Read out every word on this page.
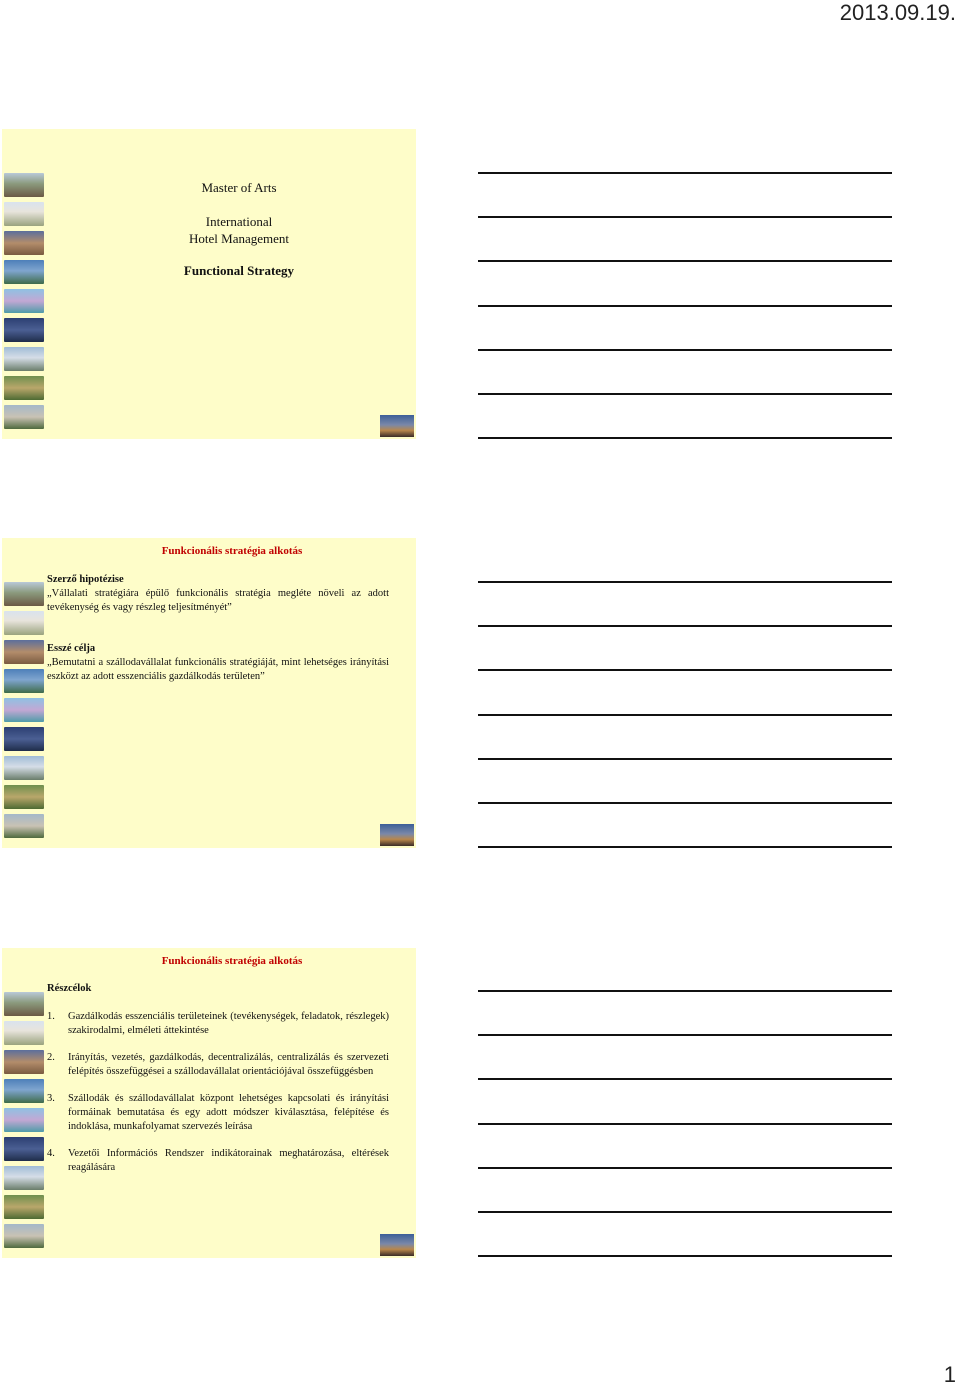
2013.09.19.
Master of Arts
International
Hotel Management
Functional Strategy
Funkcionális stratégia alkotás
Szerző hipotézise
„Vállalati stratégiára épülő funkcionális stratégia megléte növeli az adott tevékenység és vagy részleg teljesítményét”
Esszé célja
„Bemutatni a szállodavállalat funkcionális stratégiáját, mint lehetséges irányítási eszközt az adott esszenciális gazdálkodás területen”
Funkcionális stratégia alkotás
Részcélok
1. Gazdálkodás esszenciális területeinek (tevékenységek, feladatok, részlegek) szakirodalmi, elméleti áttekintése
2. Irányítás, vezetés, gazdálkodás, decentralizálás, centralizálás és szervezeti felépítés összefüggései a szállodavállalat orientációjával összefüggésben
3. Szállodák és szállodavállalat központ lehetséges kapcsolati és irányítási formáinak bemutatása és egy adott módszer kiválasztása, felépítése és indoklása, munkafolyamat szervezés leírása
4. Vezetői Információs Rendszer indikátorainak meghatározása, eltérések reagálására
1
